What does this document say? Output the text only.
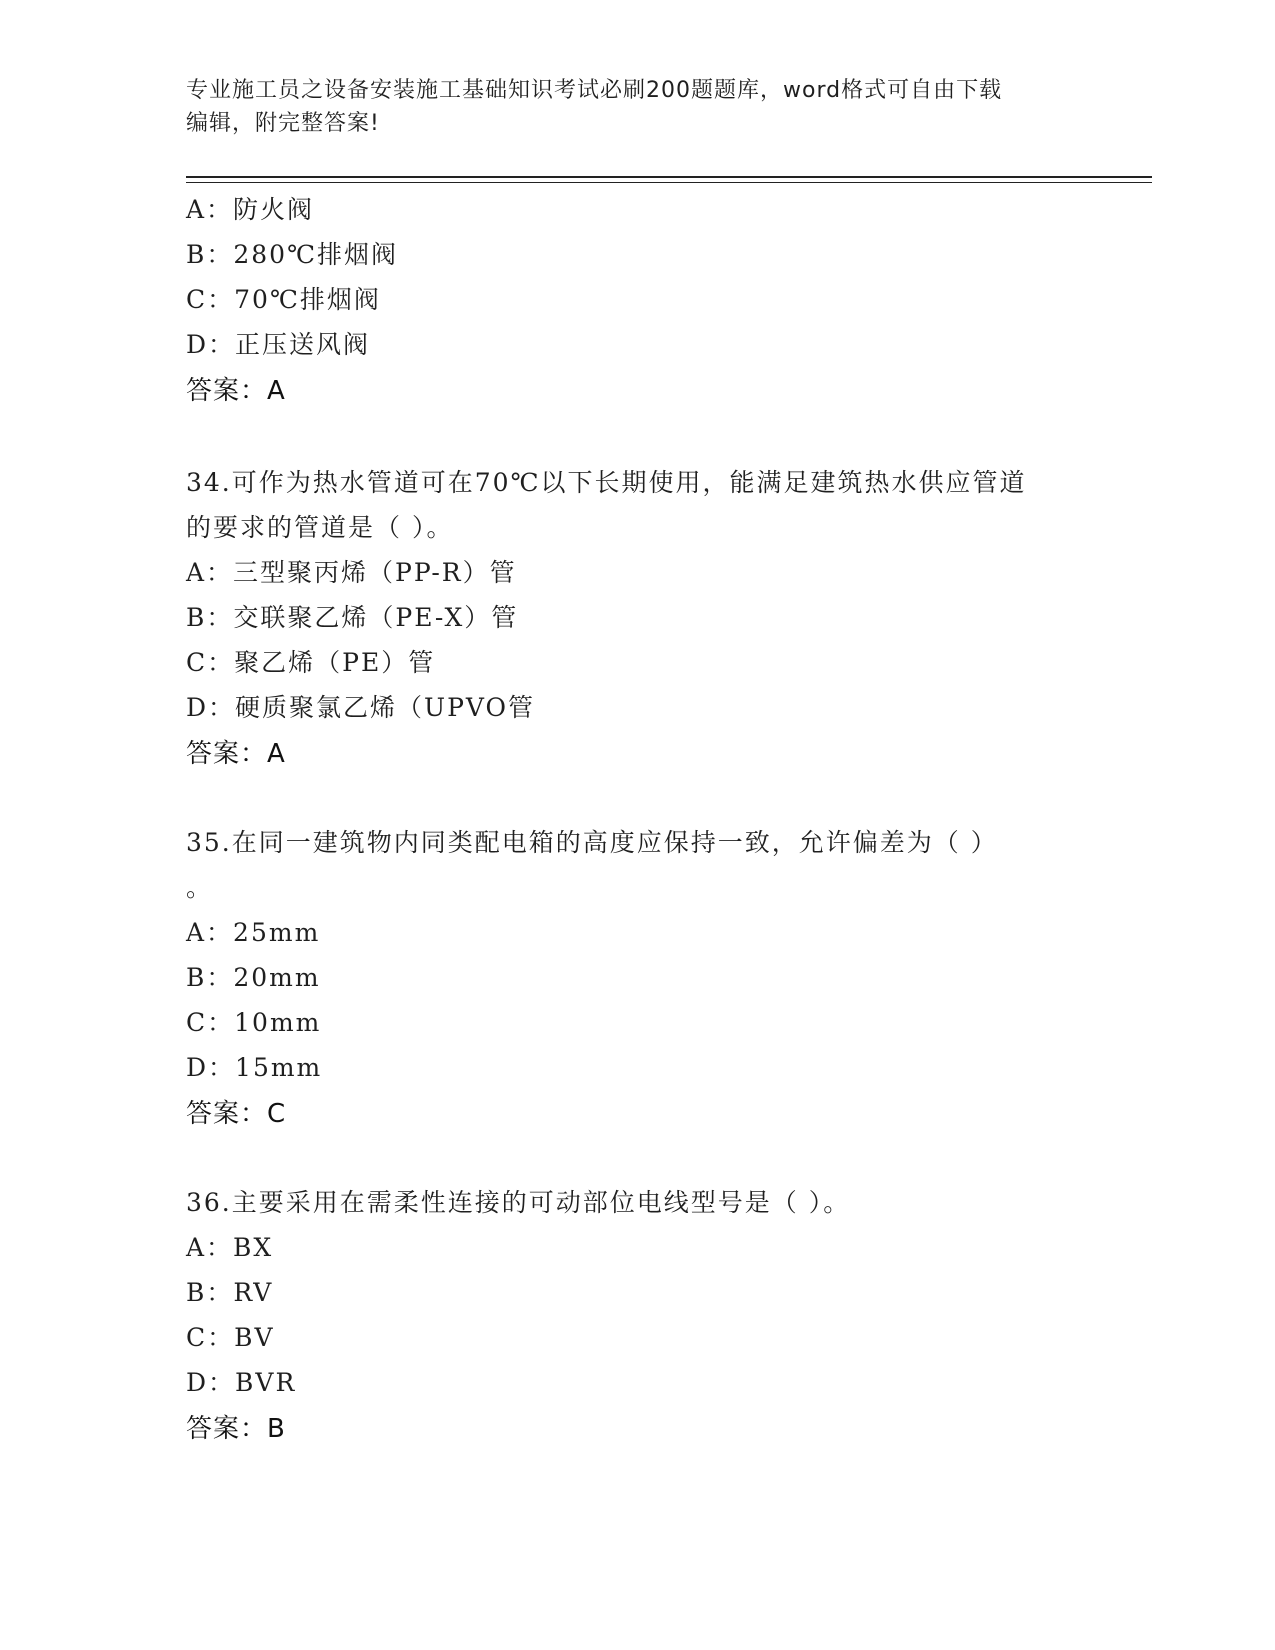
专业施工员之设备安装施工基础知识考试必刷200题题库，word格式可自由下载
编辑，附完整答案!
A：防火阀
B：280℃排烟阀
C：70℃排烟阀
D：正压送风阀
答案：A
34.可作为热水管道可在70℃以下长期使用，能满足建筑热水供应管道
的要求的管道是（ ）。
A：三型聚丙烯（PP-R）管
B：交联聚乙烯（PE-X）管
C：聚乙烯（PE）管
D：硬质聚氯乙烯（UPVO管
答案：A
35.在同一建筑物内同类配电箱的高度应保持一致，允许偏差为（ ）
。
A：25mm
B：20mm
C：10mm
D：15mm
答案：C
36.主要采用在需柔性连接的可动部位电线型号是（ ）。
A：BX
B：RV
C：BV
D：BVR
答案：B
